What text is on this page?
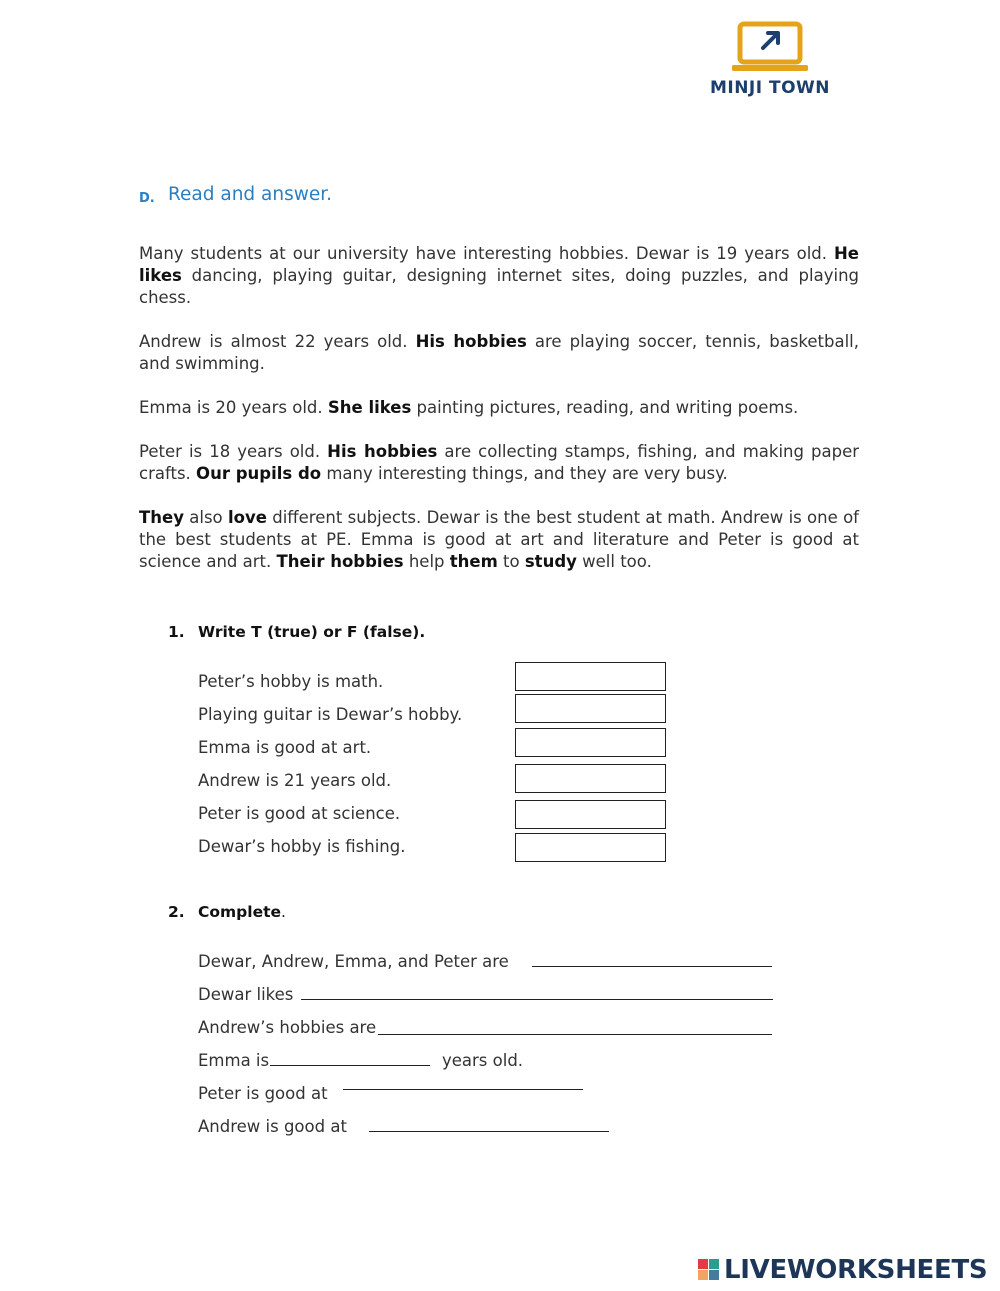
MINJI TOWN
D. Read and answer.

Many students at our university have interesting hobbies. Dewar is 19 years old. He likes dancing, playing guitar, designing internet sites, doing puzzles, and playing chess.

Andrew is almost 22 years old. His hobbies are playing soccer, tennis, basketball, and swimming.

Emma is 20 years old. She likes painting pictures, reading, and writing poems.

Peter is 18 years old. His hobbies are collecting stamps, fishing, and making paper crafts. Our pupils do many interesting things, and they are very busy.

They also love different subjects. Dewar is the best student at math. Andrew is one of the best students at PE. Emma is good at art and literature and Peter is good at science and art. Their hobbies help them to study well too.

1. Write T (true) or F (false).
Peter’s hobby is math.
Playing guitar is Dewar’s hobby.
Emma is good at art.
Andrew is 21 years old.
Peter is good at science.
Dewar’s hobby is fishing.
2. Complete.
Dewar, Andrew, Emma, and Peter are
Dewar likes
Andrew’s hobbies are
Emma is	years old.
Peter is good at
Andrew is good at
LIVEWORKSHEETS
